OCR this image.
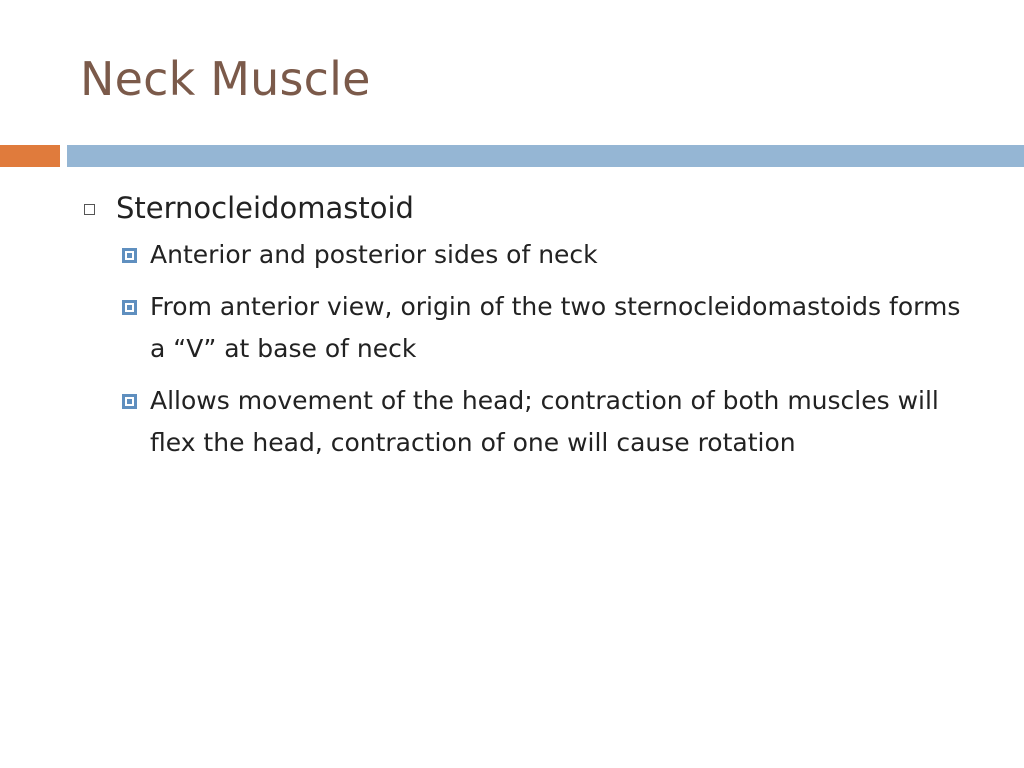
Neck Muscle
Sternocleidomastoid
Anterior and posterior sides of neck
From anterior view, origin of the two sternocleidomastoids forms a “V” at base of neck
Allows movement of the head; contraction of both muscles will flex the head, contraction of one will cause rotation
